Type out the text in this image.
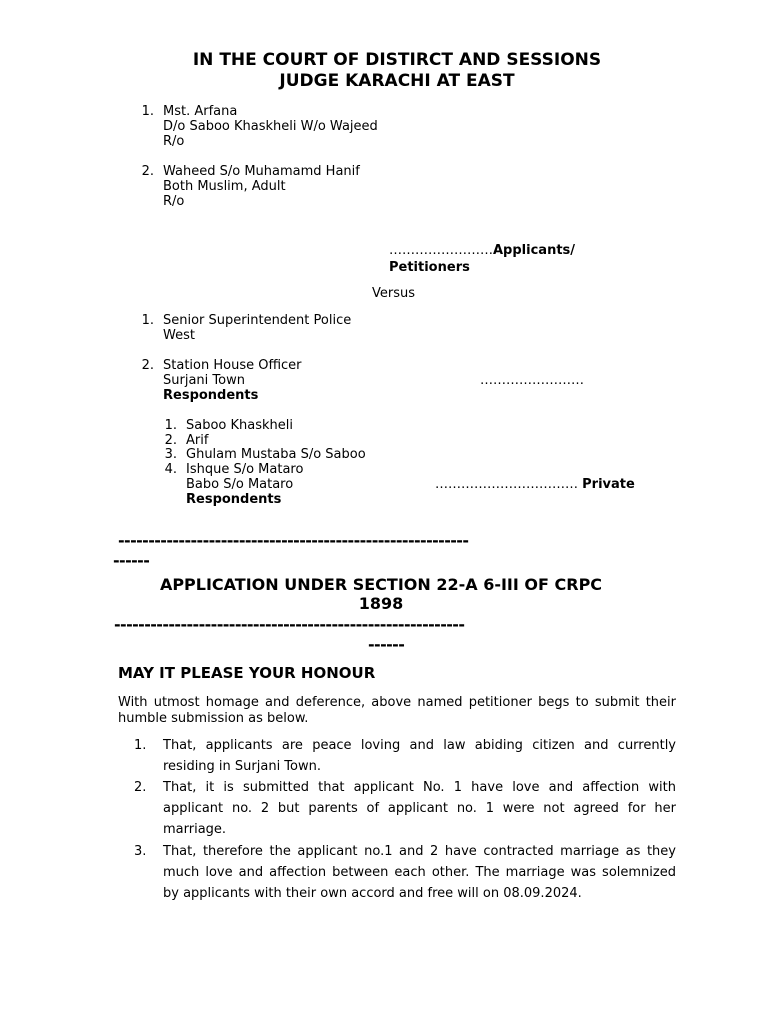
IN THE COURT OF DISTIRCT AND SESSIONS
JUDGE KARACHI AT EAST
1. Mst. Arfana
D/o Saboo Khaskheli W/o Wajeed
R/o
2. Waheed S/o Muhamamd Hanif
Both Muslim, Adult
R/o
……………………Applicants/
Petitioners
Versus
1. Senior Superintendent Police
West
2. Station House Officer
Surjani Town	……………………
Respondents
1. Saboo Khaskheli
2. Arif
3. Ghulam Mustaba S/o Saboo
4. Ishque S/o Mataro
Babo S/o Mataro	…………………………… Private
Respondents
----------------------------------------------------------
------
APPLICATION UNDER SECTION 22-A 6-III OF CRPC
1898
----------------------------------------------------------
------
MAY IT PLEASE YOUR HONOUR
With utmost homage and deference, above named petitioner begs to submit their humble submission as below.
1.	That, applicants are peace loving and law abiding citizen and currently residing in Surjani Town.
2.	That, it is submitted that applicant No. 1 have love and affection with applicant no. 2 but parents of applicant no. 1 were not agreed for her marriage.
3.	That, therefore the applicant no.1 and 2 have contracted marriage as they much love and affection between each other. The marriage was solemnized by applicants with their own accord and free will on 08.09.2024.
